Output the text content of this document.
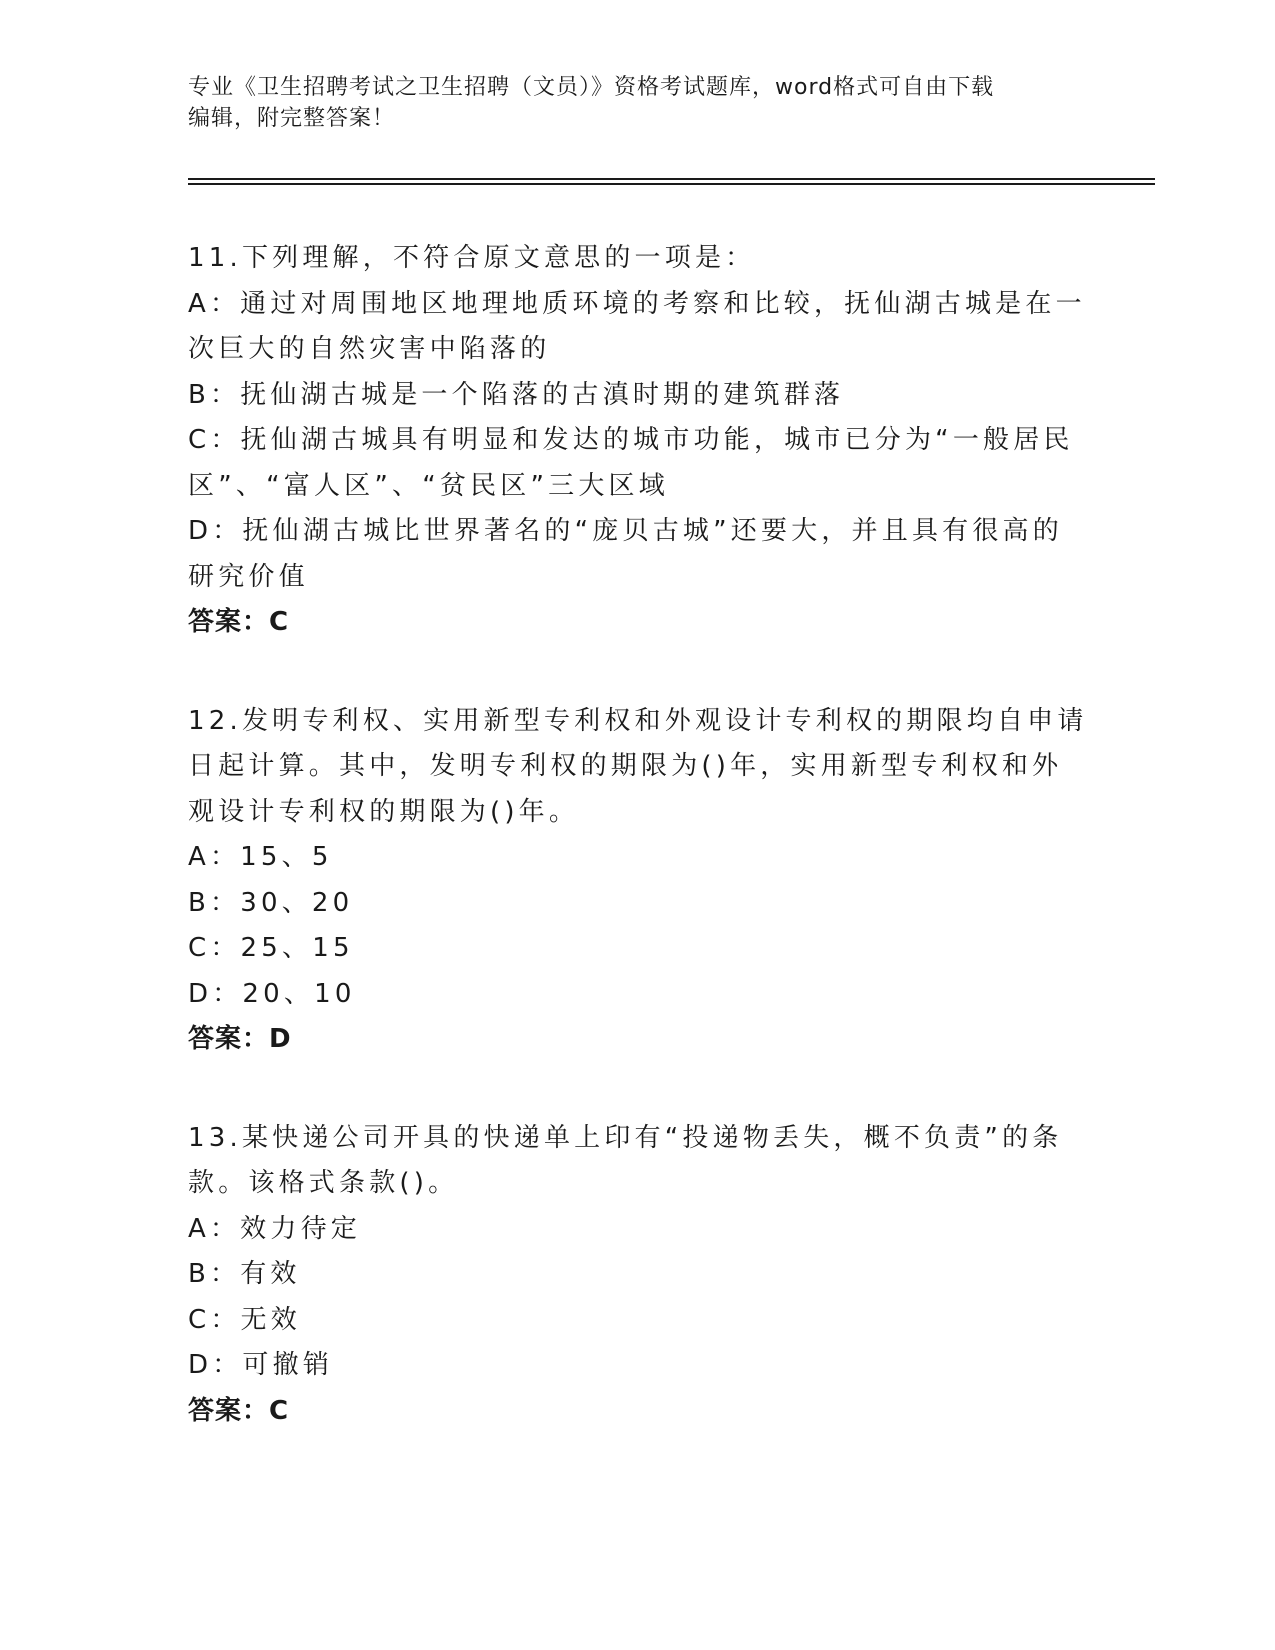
专业《卫生招聘考试之卫生招聘（文员）》资格考试题库，word格式可自由下载
编辑，附完整答案！
11.下列理解，不符合原文意思的一项是：
A：通过对周围地区地理地质环境的考察和比较，抚仙湖古城是在一次巨大的自然灾害中陷落的
B：抚仙湖古城是一个陷落的古滇时期的建筑群落
C：抚仙湖古城具有明显和发达的城市功能，城市已分为“一般居民区”、“富人区”、“贫民区”三大区域
D：抚仙湖古城比世界著名的“庞贝古城”还要大，并且具有很高的研究价值
答案：C
12.发明专利权、实用新型专利权和外观设计专利权的期限均自申请日起计算。其中，发明专利权的期限为()年，实用新型专利权和外观设计专利权的期限为()年。
A：15、5
B：30、20
C：25、15
D：20、10
答案：D
13.某快递公司开具的快递单上印有“投递物丢失，概不负责”的条款。该格式条款()。
A：效力待定
B：有效
C：无效
D：可撤销
答案：C
